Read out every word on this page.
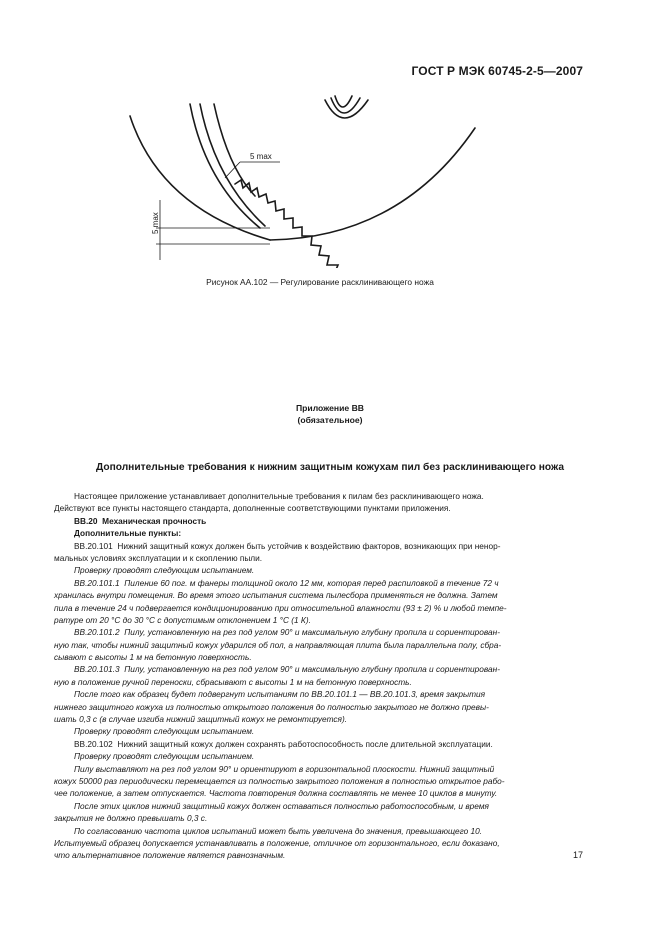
ГОСТ Р МЭК 60745-2-5—2007
5 max
5 max
Рисунок АА.102 — Регулирование расклинивающего ножа
Приложение ВВ
(обязательное)
Дополнительные требования к нижним защитным кожухам пил без расклинивающего ножа
Настоящее приложение устанавливает дополнительные требования к пилам без расклинивающего ножа.
Действуют все пункты настоящего стандарта, дополненные соответствующими пунктами приложения.
ВВ.20 Механическая прочность
Дополнительные пункты:
ВВ.20.101 Нижний защитный кожух должен быть устойчив к воздействию факторов, возникающих при ненор-
мальных условиях эксплуатации и к скоплению пыли.
Проверку проводят следующим испытанием.
ВВ.20.101.1 Пиление 60 пог. м фанеры толщиной около 12 мм, которая перед распиловкой в течение 72 ч
хранилась внутри помещения. Во время этого испытания система пылесбора применяться не должна. Затем
пила в течение 24 ч подвергается кондиционированию при относительной влажности (93 ± 2) % и любой темпе-
ратуре от 20 °С до 30 °С с допустимым отклонением 1 °С (1 К).
ВВ.20.101.2 Пилу, установленную на рез под углом 90° и максимальную глубину пропила и сориентирован-
ную так, чтобы нижний защитный кожух ударился об пол, а направляющая плита была параллельна полу, сбра-
сывают с высоты 1 м на бетонную поверхность.
ВВ.20.101.3 Пилу, установленную на рез под углом 90° и максимальную глубину пропила и сориентирован-
ную в положение ручной переноски, сбрасывают с высоты 1 м на бетонную поверхность.
После того как образец будет подвергнут испытаниям по ВВ.20.101.1 — ВВ.20.101.3, время закрытия
нижнего защитного кожуха из полностью открытого положения до полностью закрытого не должно превы-
шать 0,3 с (в случае изгиба нижний защитный кожух не ремонтируется).
Проверку проводят следующим испытанием.
ВВ.20.102 Нижний защитный кожух должен сохранять работоспособность после длительной эксплуатации.
Проверку проводят следующим испытанием.
Пилу выставляют на рез под углом 90° и ориентируют в горизонтальной плоскости. Нижний защитный
кожух 50000 раз периодически перемещается из полностью закрытого положения в полностью открытое рабо-
чее положение, а затем отпускается. Частота повторения должна составлять не менее 10 циклов в минуту.
После этих циклов нижний защитный кожух должен оставаться полностью работоспособным, и время
закрытия не должно превышать 0,3 с.
По согласованию частота циклов испытаний может быть увеличена до значения, превышающего 10.
Испытуемый образец допускается устанавливать в положение, отличное от горизонтального, если доказано,
что альтернативное положение является равнозначным.	17
